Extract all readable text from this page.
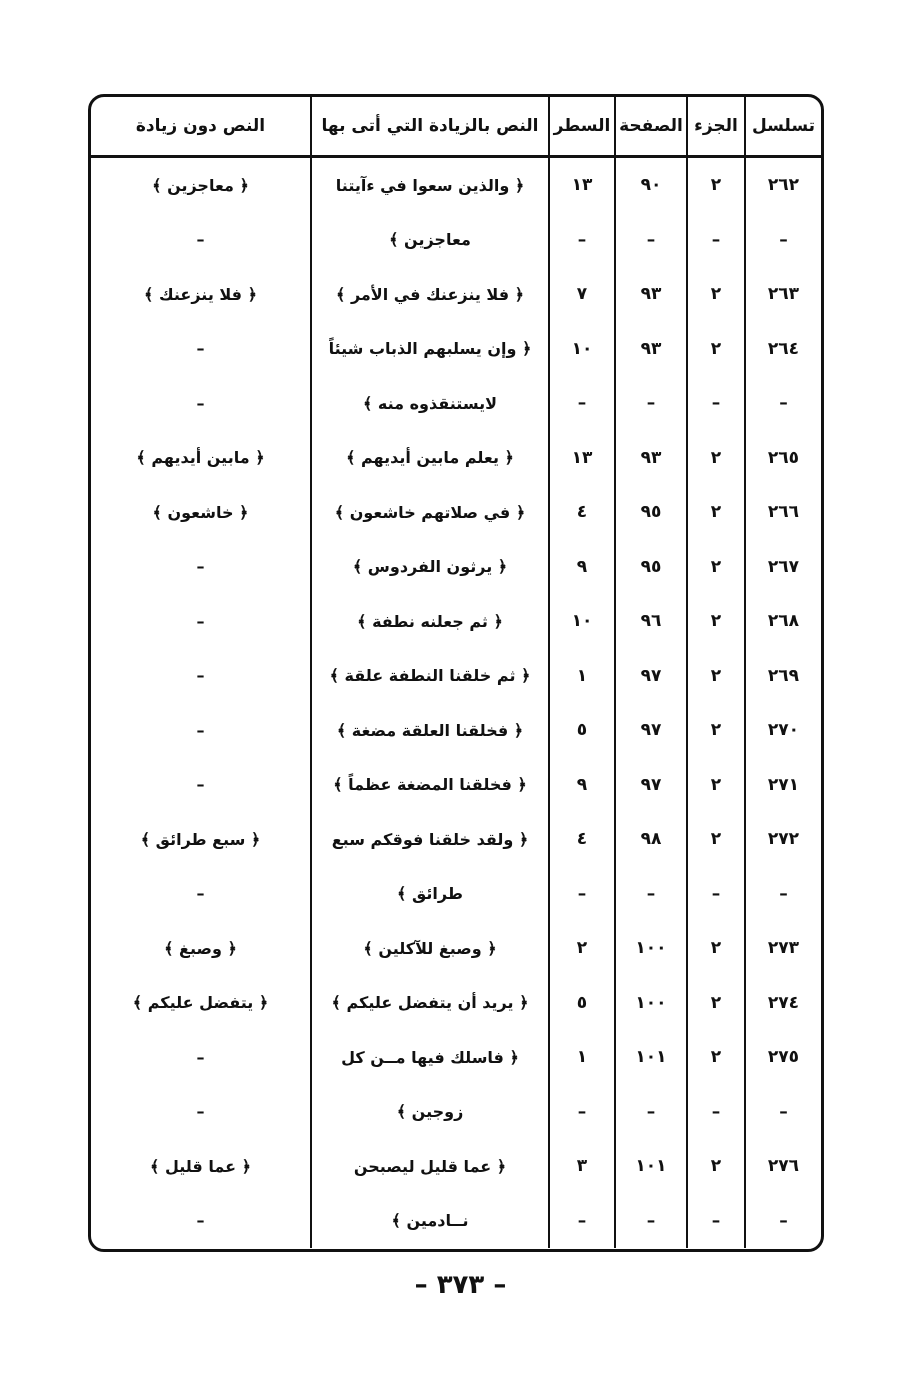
تسلسل	الجزء	الصفحة	السطر	النص بالزيادة التي أتى بها	النص دون زيادة
٢٦٢	٢	٩٠	١٣	﴿ والذين سعوا في ءآيتنا	﴿ معاجزين ﴾
–	–	–	–	معاجزين ﴾	–
٢٦٣	٢	٩٣	٧	﴿ فلا ينزعنك في الأمر ﴾	﴿ فلا ينزعنك ﴾
٢٦٤	٢	٩٣	١٠	﴿ وإن يسلبهم الذباب شيئاً	–
–	–	–	–	لايستنقذوه منه ﴾	–
٢٦٥	٢	٩٣	١٣	﴿ يعلم مابين أيديهم ﴾	﴿ مابين أيديهم ﴾
٢٦٦	٢	٩٥	٤	﴿ في صلاتهم خاشعون ﴾	﴿ خاشعون ﴾
٢٦٧	٢	٩٥	٩	﴿ يرثون الفردوس ﴾	–
٢٦٨	٢	٩٦	١٠	﴿ ثم جعلنه نطفة ﴾	–
٢٦٩	٢	٩٧	١	﴿ ثم خلقنا النطفة علقة ﴾	–
٢٧٠	٢	٩٧	٥	﴿ فخلقنا العلقة مضغة ﴾	–
٢٧١	٢	٩٧	٩	﴿ فخلقنا المضغة عظماً ﴾	–
٢٧٢	٢	٩٨	٤	﴿ ولقد خلقنا فوقكم سبع	﴿ سبع طرائق ﴾
–	–	–	–	طرائق ﴾	–
٢٧٣	٢	١٠٠	٢	﴿ وصبغ للآكلين ﴾	﴿ وصبغ ﴾
٢٧٤	٢	١٠٠	٥	﴿ يريد أن يتفضل عليكم ﴾	﴿ يتفضل عليكم ﴾
٢٧٥	٢	١٠١	١	﴿ فاسلك فيها مــن كل	–
–	–	–	–	زوجين ﴾	–
٢٧٦	٢	١٠١	٣	﴿ عما قليل ليصبحن	﴿ عما قليل ﴾
–	–	–	–	نــادمين ﴾	–
– ٣٧٣ –
